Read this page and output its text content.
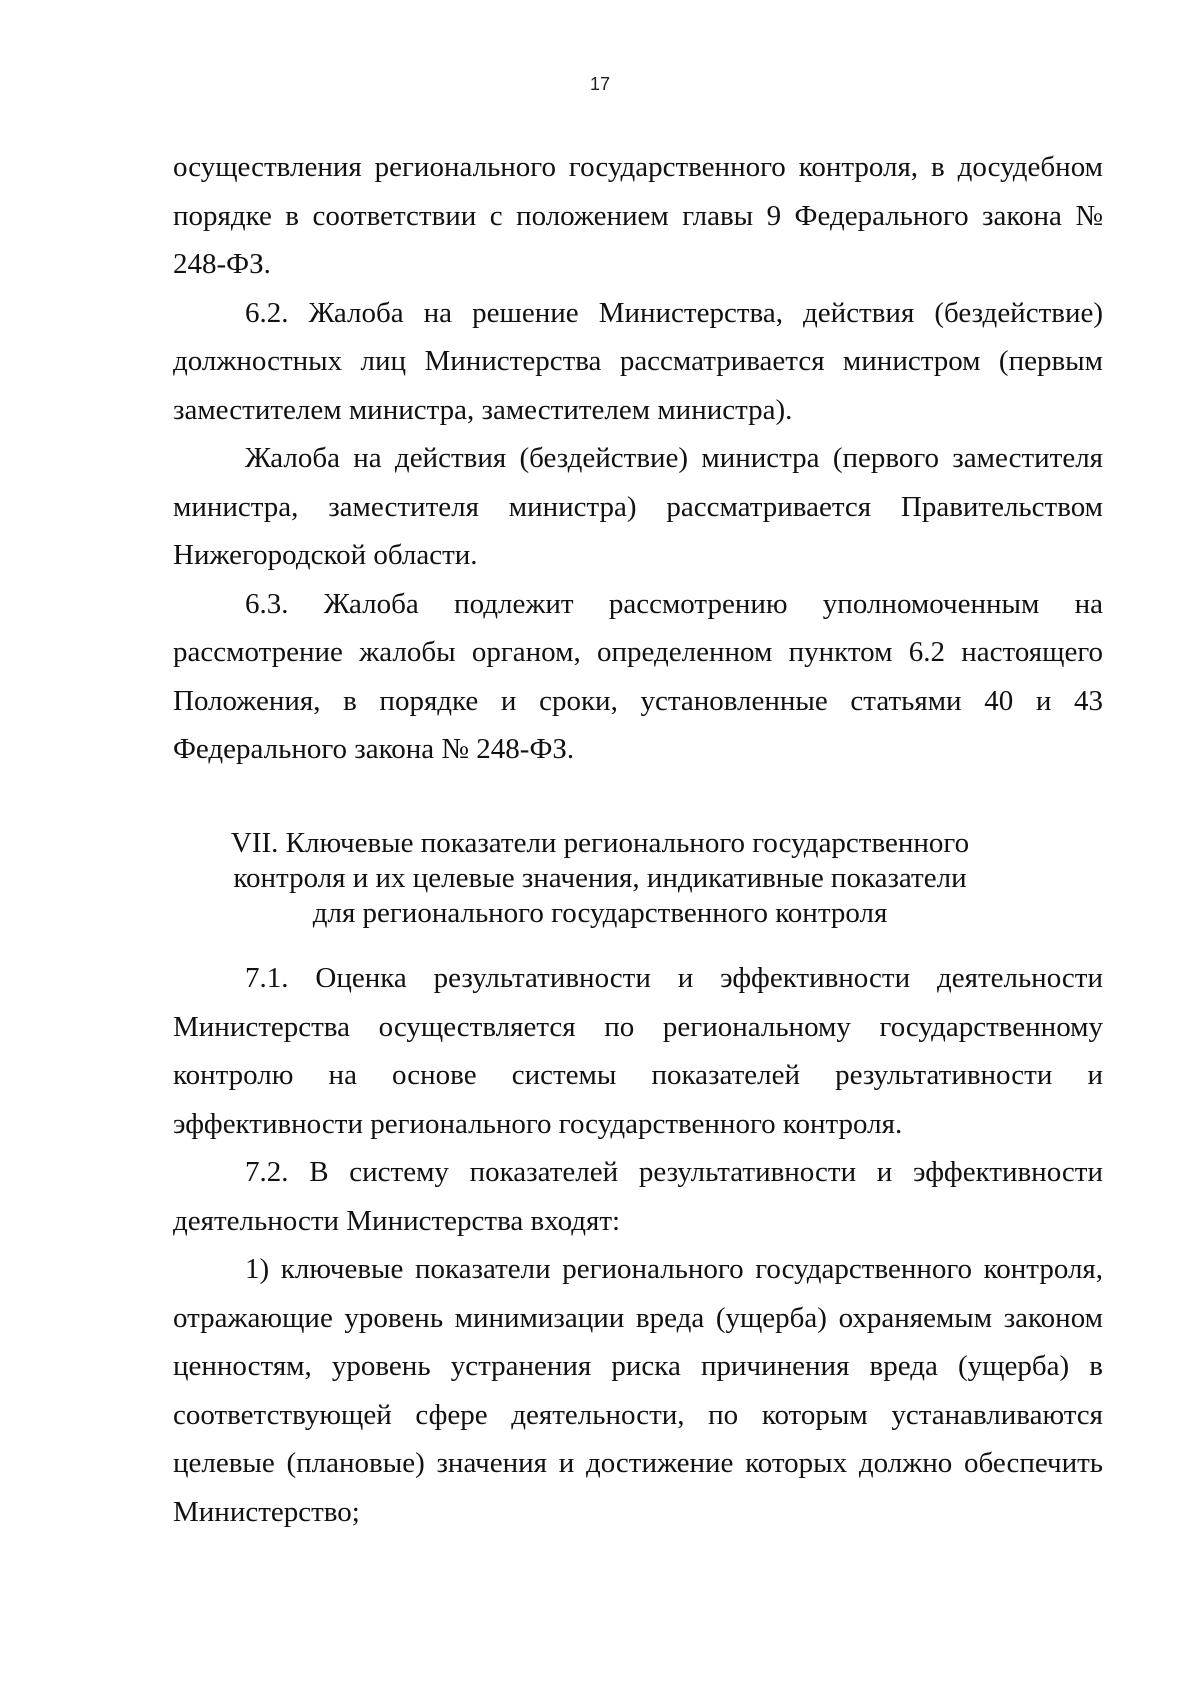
17

осуществления регионального государственного контроля, в досудебном порядке в соответствии с положением главы 9 Федерального закона № 248-ФЗ.

6.2. Жалоба на решение Министерства, действия (бездействие) должностных лиц Министерства рассматривается министром (первым заместителем министра, заместителем министра).

Жалоба на действия (бездействие) министра (первого заместителя министра, заместителя министра) рассматривается Правительством Нижегородской области.

6.3. Жалоба подлежит рассмотрению уполномоченным на рассмотрение жалобы органом, определенном пунктом 6.2 настоящего Положения, в порядке и сроки, установленные статьями 40 и 43 Федерального закона № 248-ФЗ.

VII. Ключевые показатели регионального государственного
контроля и их целевые значения, индикативные показатели
для регионального государственного контроля

7.1. Оценка результативности и эффективности деятельности Министерства осуществляется по региональному государственному контролю на основе системы показателей результативности и эффективности регионального государственного контроля.

7.2. В систему показателей результативности и эффективности деятельности Министерства входят:

1) ключевые показатели регионального государственного контроля, отражающие уровень минимизации вреда (ущерба) охраняемым законом ценностям, уровень устранения риска причинения вреда (ущерба) в соответствующей сфере деятельности, по которым устанавливаются целевые (плановые) значения и достижение которых должно обеспечить Министерство;
